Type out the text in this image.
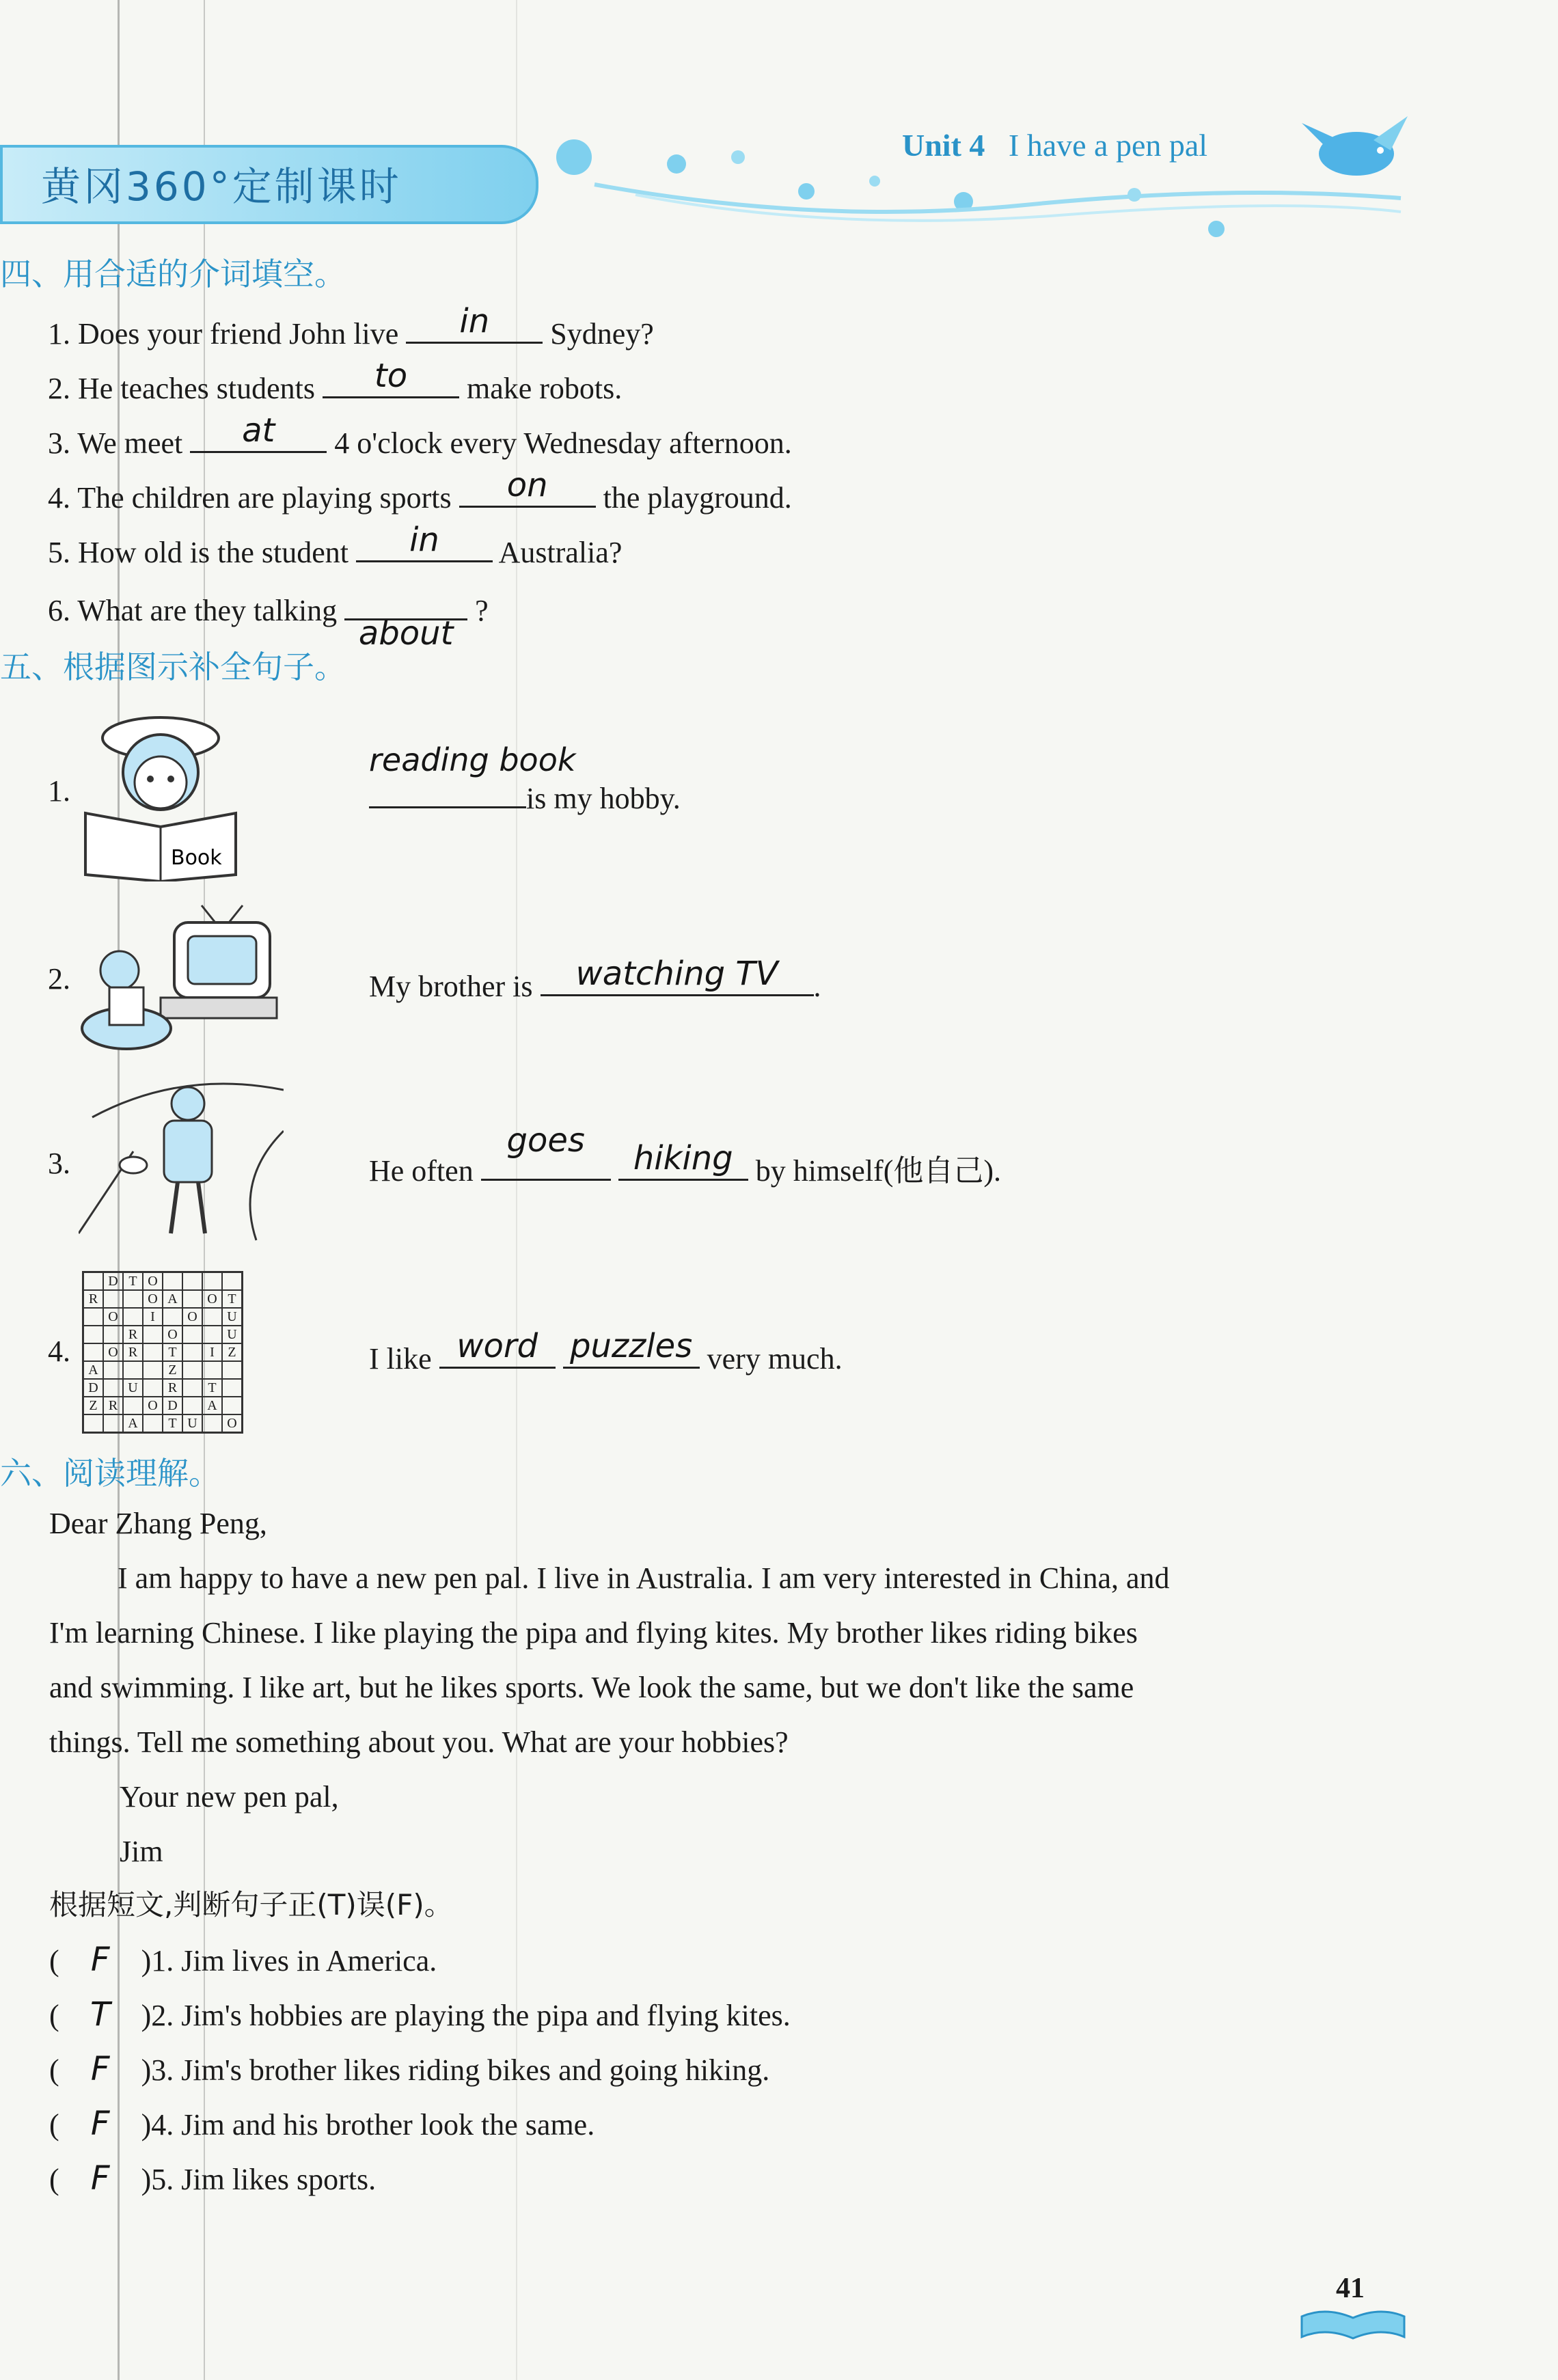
黄冈360°定制课时
Unit 4 I have a pen pal
四、用合适的介词填空。
1. Does your friend John live	in	Sydney?
2. He teaches students	to	make robots.
3. We meet	at	4 o'clock every Wednesday afternoon.
4. The children are playing sports	on	the playground.
5. How old is the student	in	Australia?
6. What are they talking
about
?
五、根据图示补全句子。
1.
Book
reading book
is my hobby.
2.	My brother is	watching TV	.
3.	He often
goes
	hiking by himself(他自己).
4.
D T O
R	O A	O T
O	I	O	U
R	O	U
O R	T	I Z
A	Z
D	U	R	T
Z R	O D	A
A	T U	O
I like word
puzzles very much.
六、阅读理解。
Dear Zhang Peng,
I am happy to have a new pen pal. I live in Australia. I am very interested in China, and
I'm learning Chinese. I like playing the pipa and flying kites. My brother likes riding bikes
and swimming. I like art, but he likes sports. We look the same, but we don't like the same
things. Tell me something about you. What are your hobbies?
Your new pen pal,
Jim
根据短文,判断句子正(T)误(F)。
( F )1. Jim lives in America.
( T )2. Jim's hobbies are playing the pipa and flying kites.
( F )3. Jim's brother likes riding bikes and going hiking.
( F )4. Jim and his brother look the same.
( F )5. Jim likes sports.
41
